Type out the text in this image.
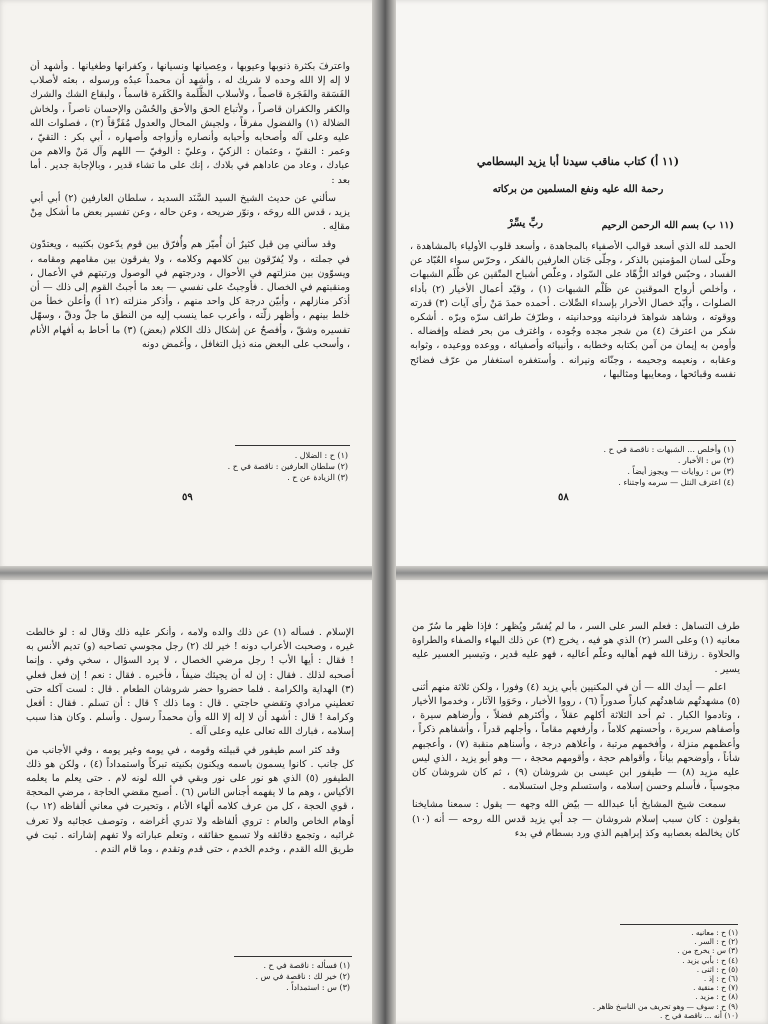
واعترفَ بكثرة ذنوبها وعيوبها ، وعِصيانها ونسيانها ، وكفرانها وطغيانها . وأشهد أن لا إله إلا الله وحده لا شريك له ، وأشهد أن محمداً عبدُه ورسوله ، بعثه لأصلاب الفَسَقة والفَجَرة قاصماً ، ولأسلاب الظَّلَمة والكَفَرة قاسماً ، ولبقاع الشك والشرك والكفر والكفران قاصراً ، ولأتباع الحق والأحق والحُسْن والإحسان ناصراً ، ولخاش الضلالة (١) والفضول مفرقاً ، ولجيش المحال والعدول مُفَرِّقاً (٢) ، فصلوات الله عليه وعلى آله وأصحابه وأحبابه وأنصاره وأزواجه وأصهاره ، أبي بكر : التقيّ ، وعمر : النقيّ ، وعثمان : الزكيّ ، وعليّ : الوفيّ — اللهم وآل مَنْ والاهم من عبادك ، وعاد من عاداهم في بلادك ، إنك على ما تشاء قدير ، وبالإجابة جدير . أما بعد :

سألني عن حديث الشيخ السيد السَّنَد السديد ، سلطان العارفين (٢) أبي أبي يزيد ، قدس الله روحَه ، ونوّر ضريحه ، وعن حاله ، وعن تفسير بعض ما أشكل مِنْ مقالِه .

وقد سألني مِن قبل كثيرٌ أن أُميّز هم وأُفرّق بين قوم يدّعون بكثيبه ، ويعتدّون في جملته ، ولا يُفرّقون بين كلامهم وكلامه ، ولا يفرقون بين مقامهم ومقامه ، ويسوّون بين منزلتهم في الأحوال ، ودرجتهم في الوصول ورتبتهم في الأعمال ، ومنقبتهم في الخصال . فأوجبتُ على نفسي — بعد ما أجبتُ القوم إلى ذلك — أن أذكر منازلهم ، وأبيّن درجة كل واحد منهم ، وأذكر منزلته (١٢ أ) وأعلن خطأ من خلط بينهم ، وأظهر زلّته ، وأعرب عما ينسب إليه من النطق ما جلّ ودقّ ، وسهّل تفسيره وشقّ ، وأفصحُ عن إشكال ذلك الكلام (بعض) (٣) ما أحاط به أفهام الأنام ، وأسحب على البعض منه ذيل التغافل ، وأغمض دونه

(١) ح : الضلال .
(٢) سلطان العارفين : ناقصة في ح .
(٣) الزيادة عن ح .
٥٩
(١١ أ) كتاب مناقب سيدنا أبا يزيد البسطامي
رحمة الله عليه ونفع المسلمين من بركاته
(١١ ب) بسم الله الرحمن الرحيم
ربِّ يسِّرْ

الحمد لله الذي أسعد قوالب الأصفياء بالمجاهدة ، وأسعد قلوب الأولياء بالمشاهدة ، وحلّى لسان المؤمنين بالذكر ، وجلّى جَنان العارفين بالفكر ، وحرّس سواء العُبّاد عن الفساد ، وحبّس فوائد الزُّهّاد على السّواد ، وعلّص أشباح المتّقين عن ظُلَم الشبهات ، وأخلص أرواح الموقنين عن ظَلْم الشبهات (١) ، وقيّد أعمال الأخيار (٢) بأداء الصلوات ، وأيّد خصال الأحرار بإسداء الصِّلات . أحمده حمدَ مَنْ رأى آيات (٣) قدرته ووقوته ، وشاهد شواهدَ فردانيته ووحدانيته ، وطرّفَ طرائف سرّه وبرّه . أشكره شكر من اعترفَ (٤) من شجر مجده وجُوده ، واغترف من بحر فضله وإفضاله . وأومن به إيمان من آمن بكتابه وخطابه ، وأنبيائه وأصفيائه ، ووعده ووعيده ، وثوابه وعقابه ، ونعيمه وجحيمه ، وجنّاته ونيرانه . وأستغفره استغفار من عرّف فضائح نفسه وقبائحها ، ومعايبها ومثالبها ،

(١) وأخلص ... الشبهات : ناقصة في ح .
(٢) س : الأخبار .
(٣) س : روايات — ويجوز أيضاً .
(٤) اعترف النتل — سرمه واجتناء .
٥٨

الإسلام . فسأله (١) عن ذلك والده ولامه ، وأنكر عليه ذلك وقال له : لو خالطت غيره ، وصحبت الأعراب دونه ! خير لك (٢) رجل مجوسي تصاحبه (و) تديم الأنس به ! فقال : أيها الأب ! رجل مرضي الخصال ، لا يرد السؤال ، سخي وفي . وإنما أصحبه لذلك . فقال : إن له أن يجيئك ضيفاً ، فأخبره . فقال : نعم ! إن فعل فعلي (٣) الهداية والكرامة . فلما حضروا حضر شروشان الطعام . قال : لست آكله حتى تعطيني مرادي وتقضي حاجتي . قال : وما ذلك ؟ قال : أن تسلم . فقال : أفعل وكرامة ! قال : أشهد أن لا إله إلا الله وأن محمداً رسول . وأسلم . وكان هذا سبب إسلامه ، فبارك الله تعالى عليه وعلى آله .

وقد كثر اسم طيفور في قبيلته وقومه ، في يومه وغير يومه ، وفي الأجانب من كل جانب . كانوا يسمون باسمه ويكنون بكنيته تبركاً واستمداداً (٤) ، ولكن هو ذلك الطيفور (٥) الذي هو نور على نور وبقي في الله لونه لام . حتى يعلم ما يعلمه الأكياس ، وهم ما لا يفهمه أجناس الناس (٦) . أصبح مقضي الحاجة ، مرضي المحجة ، قوي الحجة ، كل من عرف كلامه ألهاء الأنام ، وتحيرت في معاني ألفاظه (١٢ ب) أوهام الخاص والعام : تروي ألفاظه ولا تدري أغراضه ، وتوصف عجائبه ولا تعرف غرائبه ، وتجمع دقائقه ولا تسمع حقائقه ، وتعلم عباراته ولا تفهم إشاراته . ثبت في طريق الله القدم ، وخدم الخدم ، حتى قدم وتقدم ، وما قام الندم .

(١) فسأله : ناقصة في ح .
(٢) خير لك : ناقصة في س .
(٣) س : استمداداً .

طرف التساهل : فعلم السر على السر ، ما لم يُفسّر ويُظهر ؛ فإذا ظهر ما سُرّ من معانيه (١) وعلى السر (٢) الذي هو فيه ، يخرج (٣) عن ذلك البهاء والصفاء والطراوة والحلاوة . رزقنا الله فهم أهاليه وعلّم أعاليه ، فهو عليه قدير ، وتيسير العسير عليه يسير .

اعلم — أيدك الله — أن في المكنيين بأبي يزيد (٤) وفورا ، ولكن ثلاثة منهم أثنى (٥) مشهدتُهم شاهدتُهم كباراً صدوراً (٦) ، رووا الأخبار ، وحَوَوا الآثار ، وخدموا الأخيار ، وتادموا الكبار . ثم أحد الثلاثة أكلهم عقلاً ، وأكثرهم فضلاً ، وأرضاهم سيرة ، وأصفاهم سريرة ، وأحسنهم كلاماً ، وأرفعهم مقاماً ، وأجلهم قدراً ، وأشفاهم ذكراً ، وأعظمهم منزلة ، وأفخمهم مرتبة ، وأعلاهم درجة ، وأسناهم منقبة (٧) ، وأعجبهم شأناً ، وأوضحهم بياناً ، وأقواهم حجة ، وأقومهم محجة ، — وهو أبو يزيد ، الذي ليس عليه مزيد (٨) — طيفور ابن عيسى بن شروشان (٩) ، ثم كان شروشان كان مجوسياً ، فأسلم وحسن إسلامه ، واستسلم وجل استسلامه .

سمعت شيخ المشايخ أبا عبدالله — بيّض الله وجهه — يقول : سمعنا مشايخنا يقولون : كان سبب إسلام شروشان — جد أبي يزيد قدس الله روحه — أنه (١٠) كان يخالطه بعصابيه وكذ إبراهيم الذي ورد بسطام في بدء

(١) ح : معانيه .
(٢) ح : السر .
(٣) س : يخرج من .
(٤) ح : بأبي يزيد .
(٥) ح : اثنى .
(٦) ح : إذ .
(٧) ح : منقية .
(٨) ح : مزيد .
(٩) ح : سوف — وهو تحريف من الناسخ ظاهر .
(١٠) أنه ... ناقصة في ح .
